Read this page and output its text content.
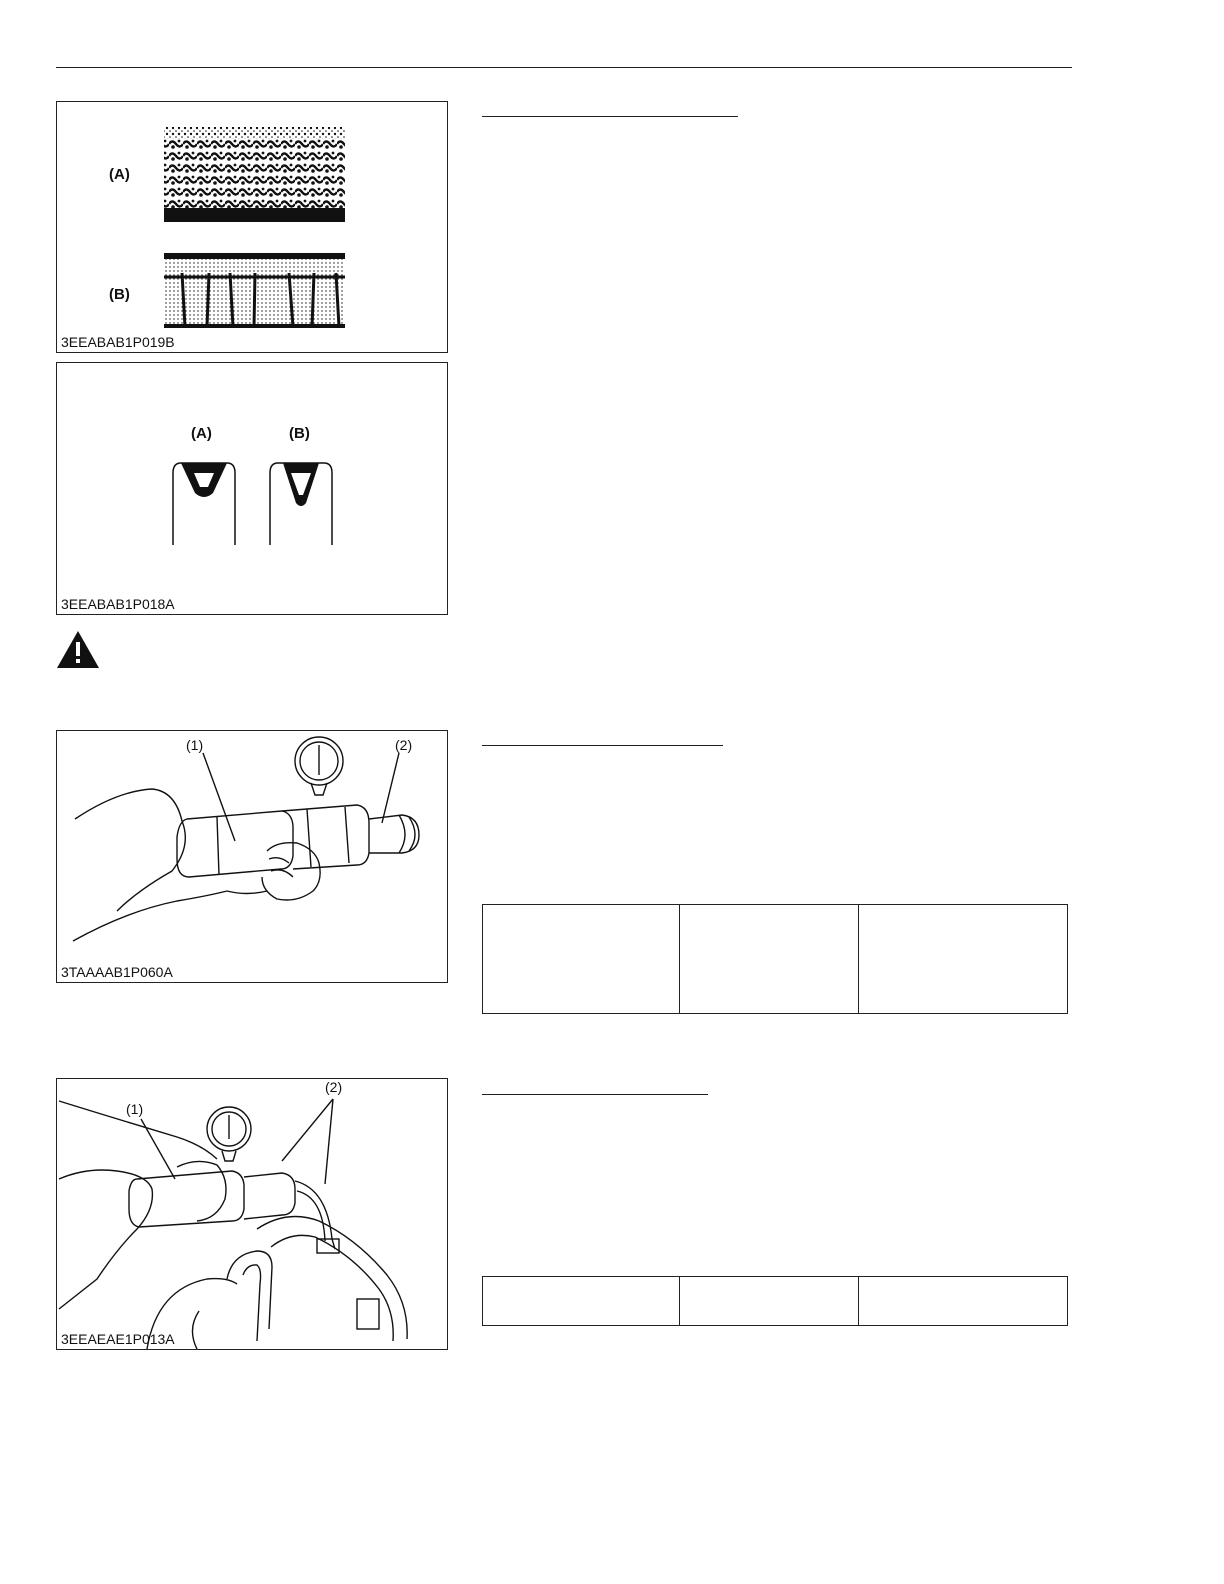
(A)
(B)
3EEABAB1P019B
(A)	(B)
3EEABAB1P018A
(1)	(2)
3TAAAAB1P060A

(1)
(2)
3EEAEAE1P013A
